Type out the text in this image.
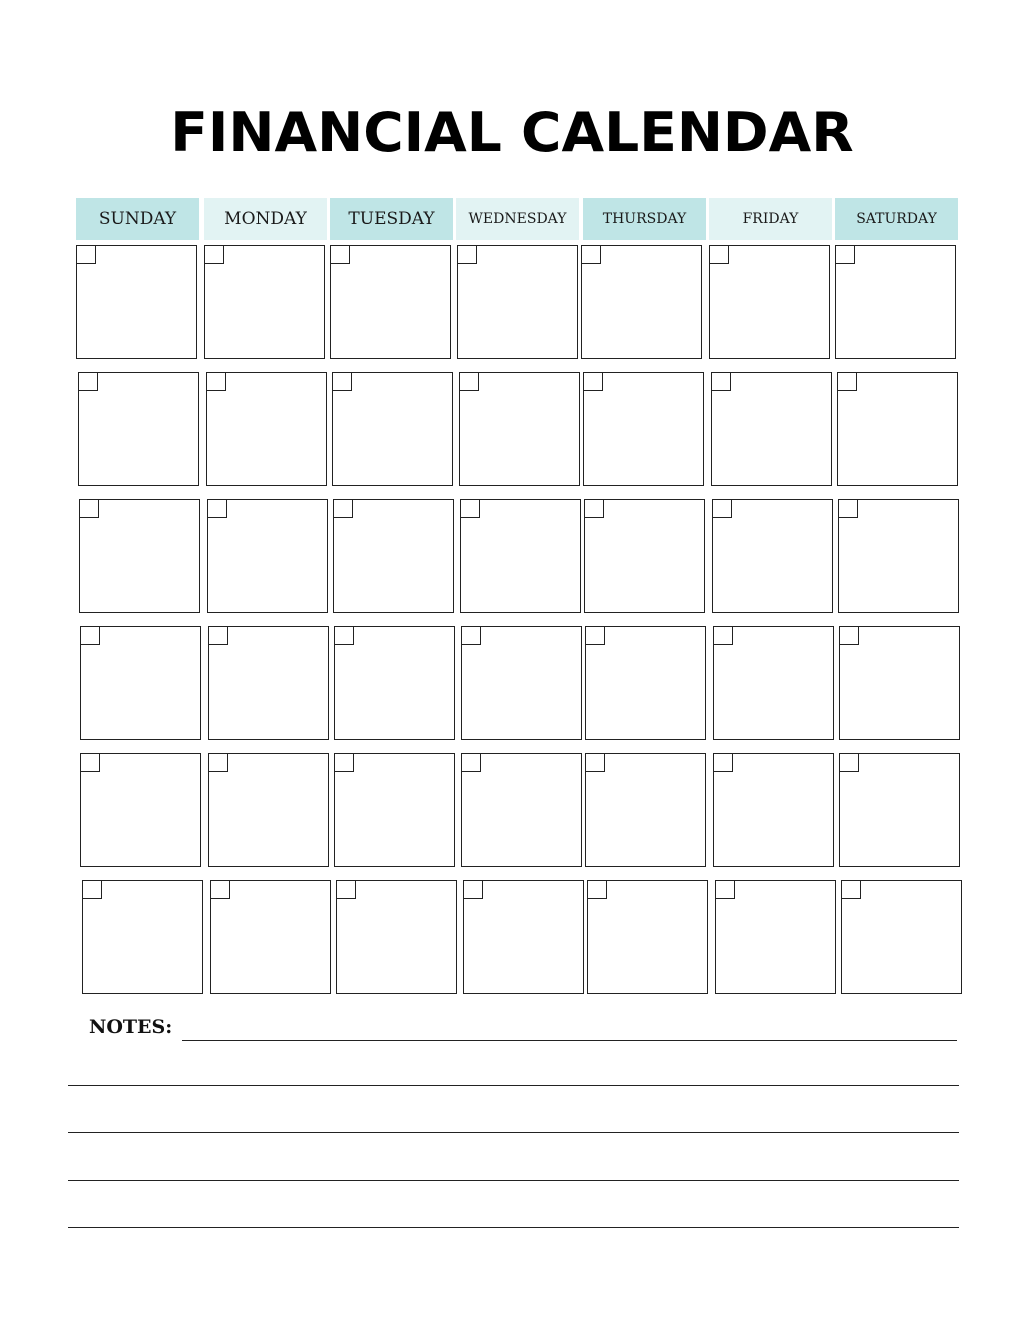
FINANCIAL CALENDAR
SUNDAY	MONDAY	TUESDAY	WEDNESDAY	THURSDAY	FRIDAY	SATURDAY
NOTES:
